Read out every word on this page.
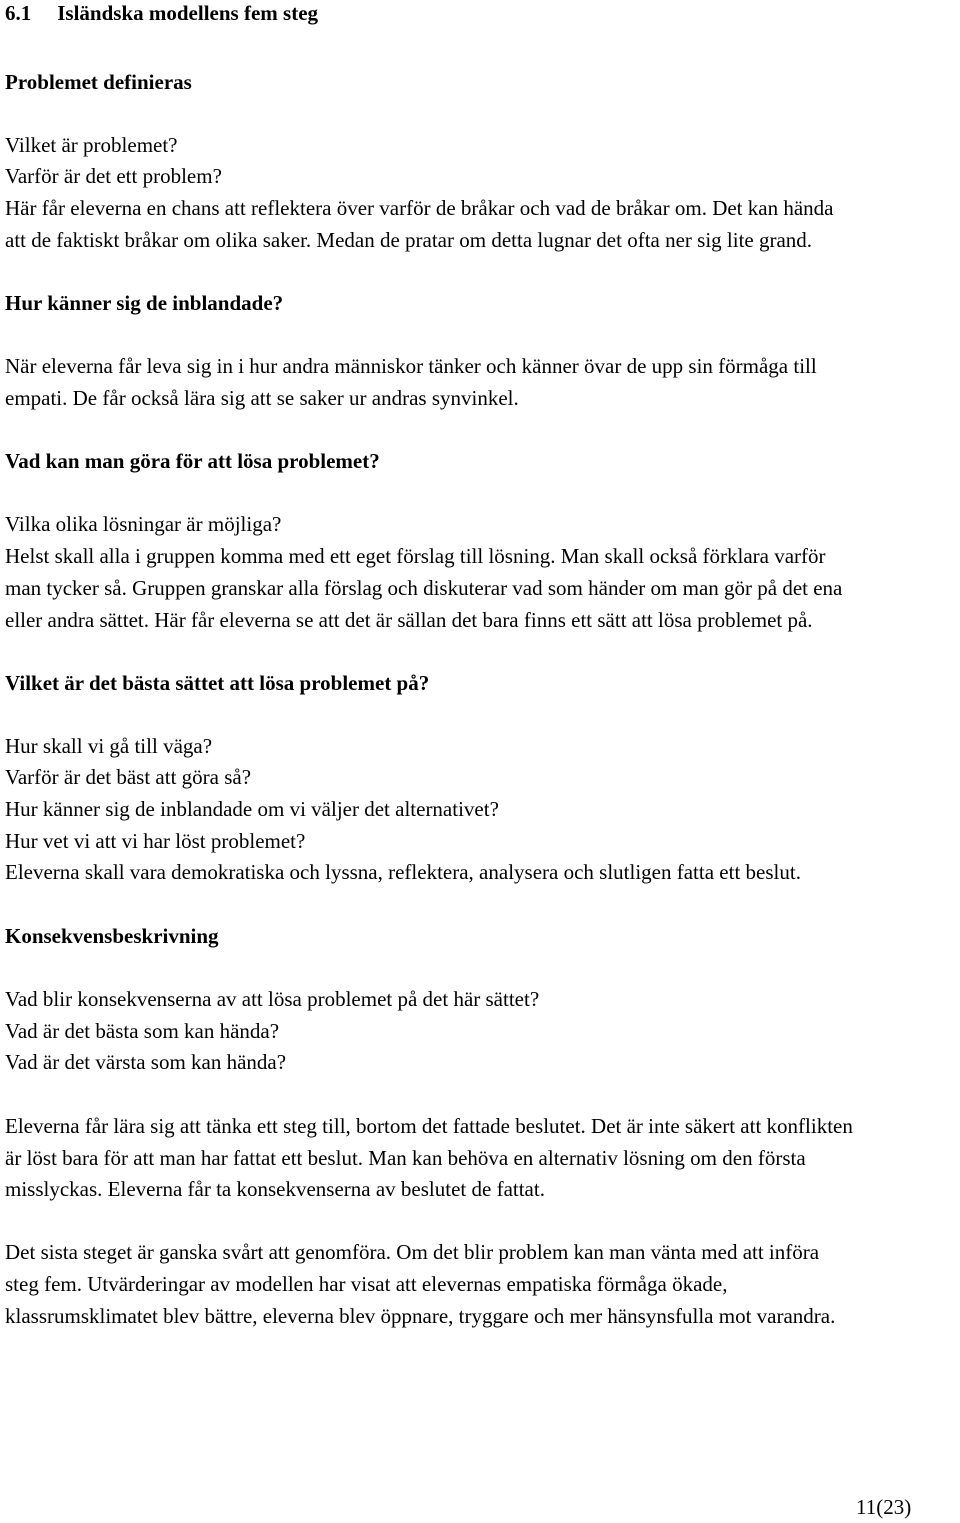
6.1 Isländska modellens fem steg
Problemet definieras
Vilket är problemet?
Varför är det ett problem?
Här får eleverna en chans att reflektera över varför de bråkar och vad de bråkar om. Det kan hända
att de faktiskt bråkar om olika saker. Medan de pratar om detta lugnar det ofta ner sig lite grand.
Hur känner sig de inblandade?
När eleverna får leva sig in i hur andra människor tänker och känner övar de upp sin förmåga till
empati. De får också lära sig att se saker ur andras synvinkel.
Vad kan man göra för att lösa problemet?
Vilka olika lösningar är möjliga?
Helst skall alla i gruppen komma med ett eget förslag till lösning. Man skall också förklara varför
man tycker så. Gruppen granskar alla förslag och diskuterar vad som händer om man gör på det ena
eller andra sättet. Här får eleverna se att det är sällan det bara finns ett sätt att lösa problemet på.
Vilket är det bästa sättet att lösa problemet på?
Hur skall vi gå till väga?
Varför är det bäst att göra så?
Hur känner sig de inblandade om vi väljer det alternativet?
Hur vet vi att vi har löst problemet?
Eleverna skall vara demokratiska och lyssna, reflektera, analysera och slutligen fatta ett beslut.
Konsekvensbeskrivning
Vad blir konsekvenserna av att lösa problemet på det här sättet?
Vad är det bästa som kan hända?
Vad är det värsta som kan hända?
Eleverna får lära sig att tänka ett steg till, bortom det fattade beslutet. Det är inte säkert att konflikten
är löst bara för att man har fattat ett beslut. Man kan behöva en alternativ lösning om den första
misslyckas. Eleverna får ta konsekvenserna av beslutet de fattat.
Det sista steget är ganska svårt att genomföra. Om det blir problem kan man vänta med att införa
steg fem. Utvärderingar av modellen har visat att elevernas empatiska förmåga ökade,
klassrumsklimatet blev bättre, eleverna blev öppnare, tryggare och mer hänsynsfulla mot varandra.
11(23)
